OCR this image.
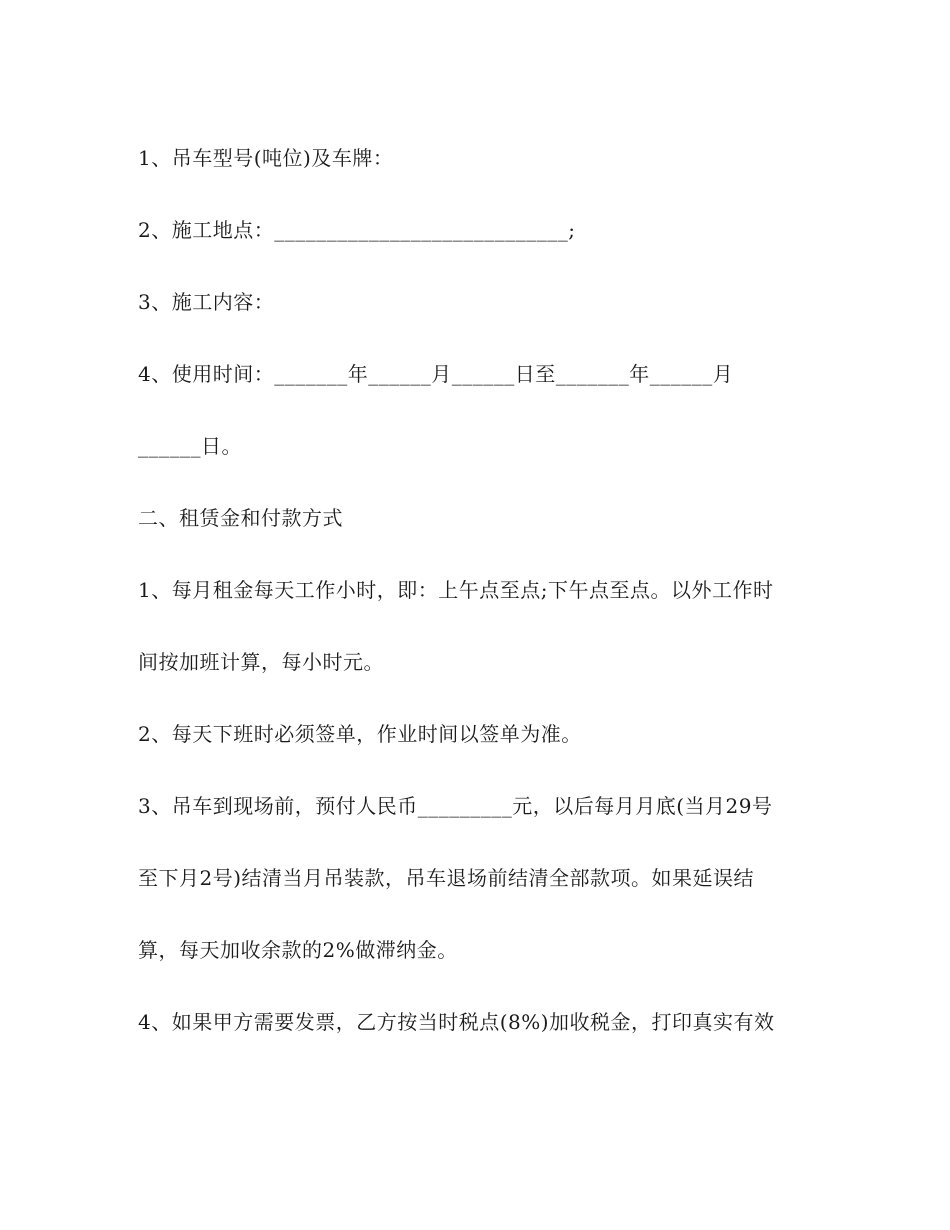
1、吊车型号(吨位)及车牌：
2、施工地点：____________________________;
3、施工内容：
4、使用时间：_______年______月______日至_______年______月
______日。
二、租赁金和付款方式
1、每月租金每天工作小时，即：上午点至点;下午点至点。以外工作时
间按加班计算，每小时元。
2、每天下班时必须签单，作业时间以签单为准。
3、吊车到现场前，预付人民币_________元，以后每月月底(当月29号
至下月2号)结清当月吊装款，吊车退场前结清全部款项。如果延误结
算，每天加收余款的2%做滞纳金。
4、如果甲方需要发票，乙方按当时税点(8%)加收税金，打印真实有效
